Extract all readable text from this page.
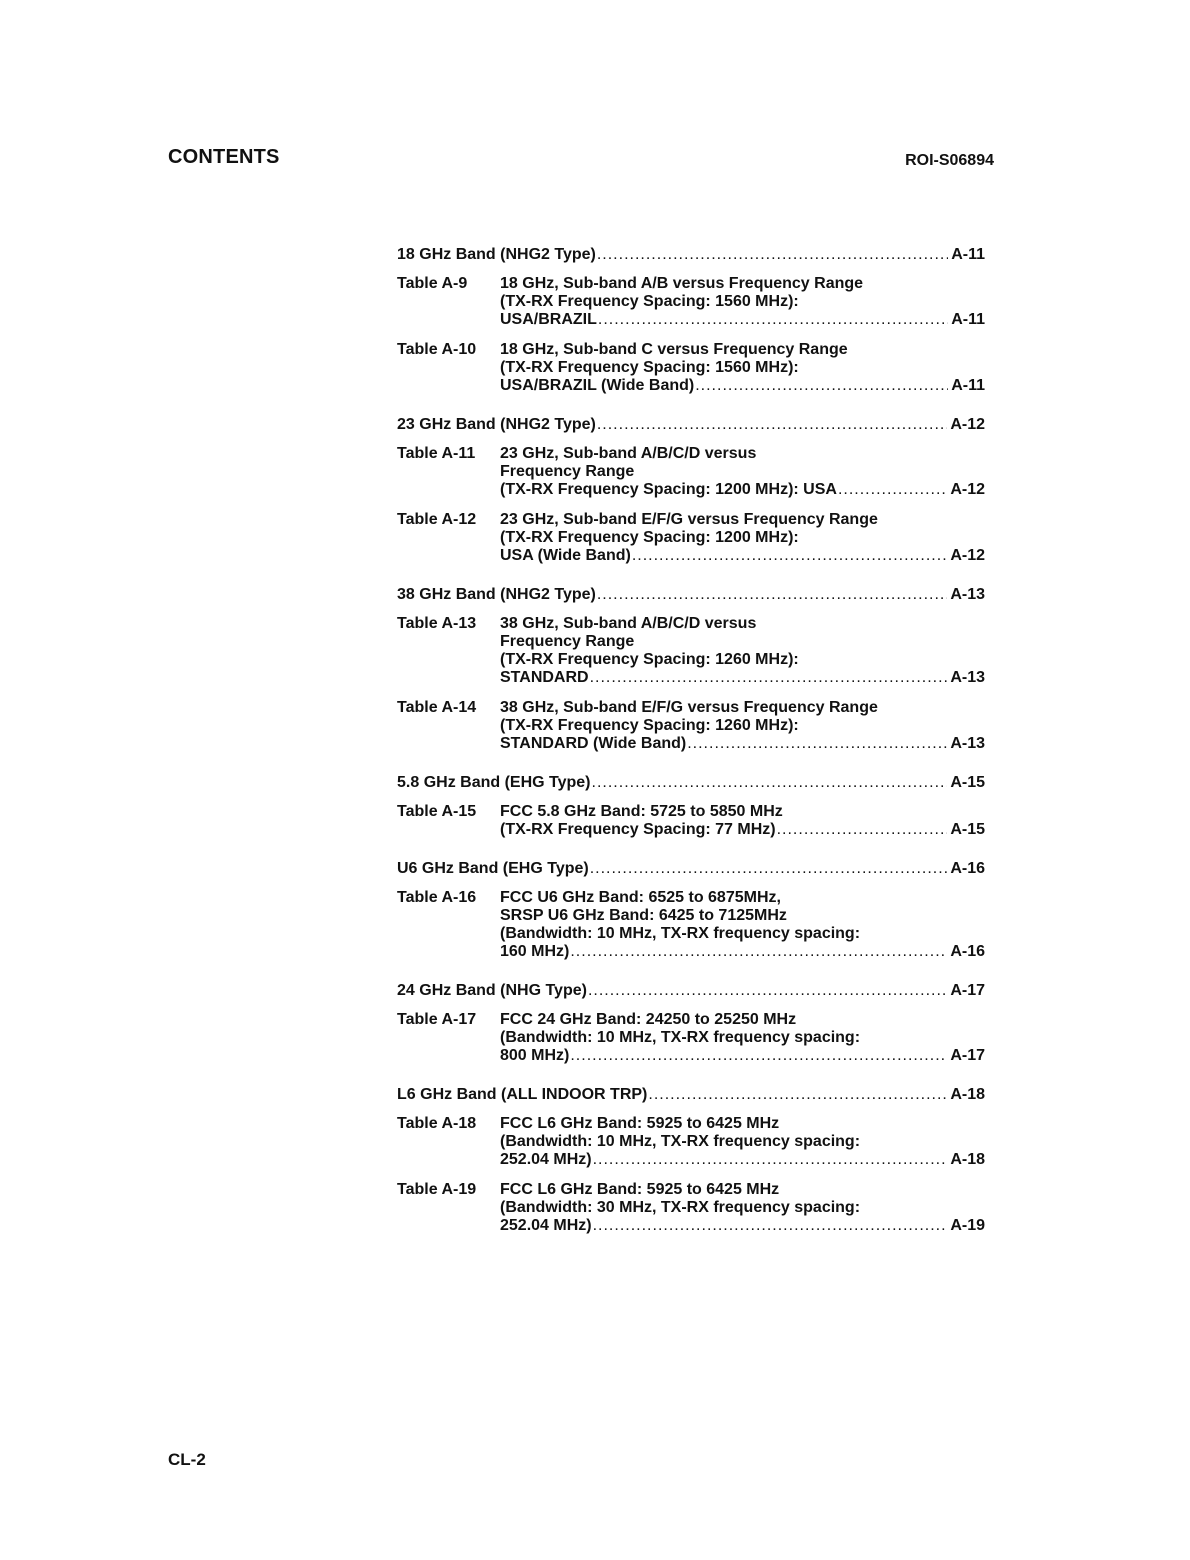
CONTENTS	ROI-S06894
18 GHz Band (NHG2 Type) .....	A-11
Table A-9	18 GHz, Sub-band A/B versus Frequency Range
(TX-RX Frequency Spacing: 1560 MHz):
USA/BRAZIL .....	A-11
Table A-10	18 GHz, Sub-band C versus Frequency Range
(TX-RX Frequency Spacing: 1560 MHz):
USA/BRAZIL (Wide Band) .....	A-11
23 GHz Band (NHG2 Type) .....	A-12
Table A-11	23 GHz, Sub-band A/B/C/D versus
Frequency Range
(TX-RX Frequency Spacing: 1200 MHz): USA .....	A-12
Table A-12	23 GHz, Sub-band E/F/G versus Frequency Range
(TX-RX Frequency Spacing: 1200 MHz):
USA (Wide Band) .....	A-12
38 GHz Band (NHG2 Type) .....	A-13
Table A-13	38 GHz, Sub-band A/B/C/D versus
Frequency Range
(TX-RX Frequency Spacing: 1260 MHz):
STANDARD .....	A-13
Table A-14	38 GHz, Sub-band E/F/G versus Frequency Range
(TX-RX Frequency Spacing: 1260 MHz):
STANDARD (Wide Band) .....	A-13
5.8 GHz Band (EHG Type) .....	A-15
Table A-15	FCC 5.8 GHz Band: 5725 to 5850 MHz
(TX-RX Frequency Spacing: 77 MHz) .....	A-15
U6 GHz Band (EHG Type) .....	A-16
Table A-16	FCC U6 GHz Band: 6525 to 6875MHz,
SRSP U6 GHz Band: 6425 to 7125MHz
(Bandwidth: 10 MHz, TX-RX frequency spacing:
160 MHz) .....	A-16
24 GHz Band (NHG Type) .....	A-17
Table A-17	FCC 24 GHz Band: 24250 to 25250 MHz
(Bandwidth: 10 MHz, TX-RX frequency spacing:
800 MHz) .....	A-17
L6 GHz Band (ALL INDOOR TRP) .....	A-18
Table A-18	FCC L6 GHz Band: 5925 to 6425 MHz
(Bandwidth: 10 MHz, TX-RX frequency spacing:
252.04 MHz) .....	A-18
Table A-19	FCC L6 GHz Band: 5925 to 6425 MHz
(Bandwidth: 30 MHz, TX-RX frequency spacing:
252.04 MHz) .....	A-19
CL-2
